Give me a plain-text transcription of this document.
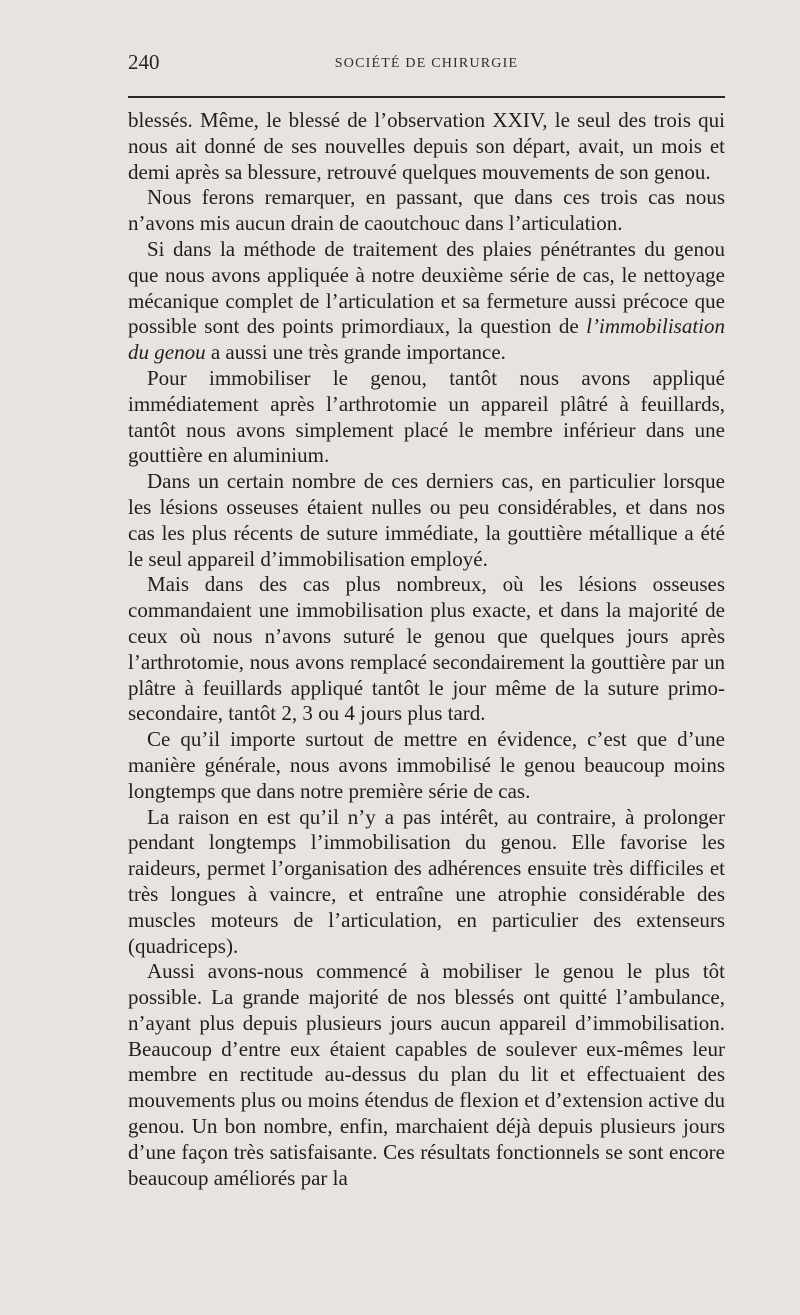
240	SOCIÉTÉ DE CHIRURGIE

blessés. Même, le blessé de l’observation XXIV, le seul des trois qui nous ait donné de ses nouvelles depuis son départ, avait, un mois et demi après sa blessure, retrouvé quelques mouvements de son genou.

Nous ferons remarquer, en passant, que dans ces trois cas nous n’avons mis aucun drain de caoutchouc dans l’articulation.

Si dans la méthode de traitement des plaies pénétrantes du genou que nous avons appliquée à notre deuxième série de cas, le nettoyage mécanique complet de l’articulation et sa fermeture aussi précoce que possible sont des points primordiaux, la question de l’immobilisation du genou a aussi une très grande importance.

Pour immobiliser le genou, tantôt nous avons appliqué immédiatement après l’arthrotomie un appareil plâtré à feuillards, tantôt nous avons simplement placé le membre inférieur dans une gouttière en aluminium.

Dans un certain nombre de ces derniers cas, en particulier lorsque les lésions osseuses étaient nulles ou peu considérables, et dans nos cas les plus récents de suture immédiate, la gouttière métallique a été le seul appareil d’immobilisation employé.

Mais dans des cas plus nombreux, où les lésions osseuses commandaient une immobilisation plus exacte, et dans la majorité de ceux où nous n’avons suturé le genou que quelques jours après l’arthrotomie, nous avons remplacé secondairement la gouttière par un plâtre à feuillards appliqué tantôt le jour même de la suture primo-secondaire, tantôt 2, 3 ou 4 jours plus tard.

Ce qu’il importe surtout de mettre en évidence, c’est que d’une manière générale, nous avons immobilisé le genou beaucoup moins longtemps que dans notre première série de cas.

La raison en est qu’il n’y a pas intérêt, au contraire, à prolonger pendant longtemps l’immobilisation du genou. Elle favorise les raideurs, permet l’organisation des adhérences ensuite très difficiles et très longues à vaincre, et entraîne une atrophie considérable des muscles moteurs de l’articulation, en particulier des extenseurs (quadriceps).

Aussi avons-nous commencé à mobiliser le genou le plus tôt possible. La grande majorité de nos blessés ont quitté l’ambulance, n’ayant plus depuis plusieurs jours aucun appareil d’immobilisation. Beaucoup d’entre eux étaient capables de soulever eux-mêmes leur membre en rectitude au-dessus du plan du lit et effectuaient des mouvements plus ou moins étendus de flexion et d’extension active du genou. Un bon nombre, enfin, marchaient déjà depuis plusieurs jours d’une façon très satisfaisante. Ces résultats fonctionnels se sont encore beaucoup améliorés par la
